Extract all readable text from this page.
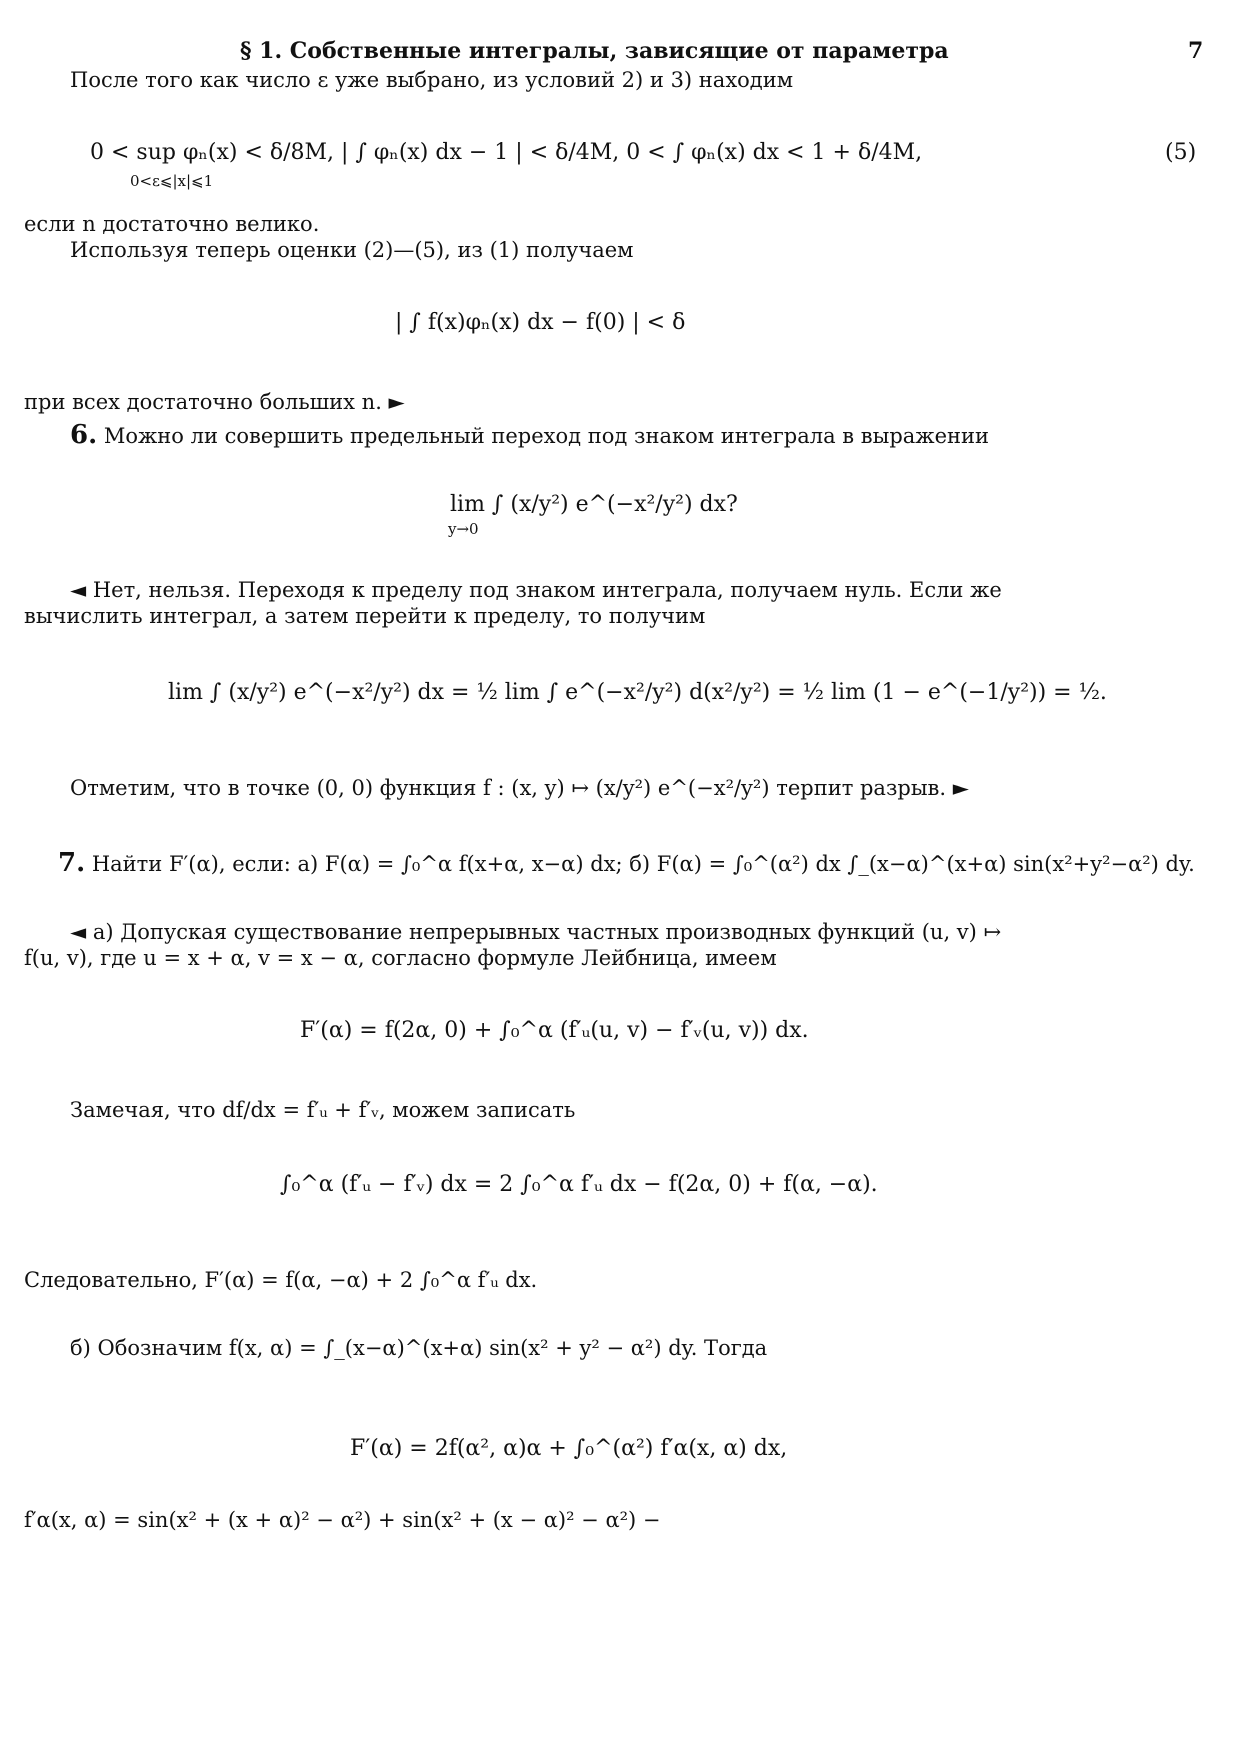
§ 1. Собственные интегралы, зависящие от параметра	7
После того как число ε уже выбрано, из условий 2) и 3) находим
0 < sup φₙ(x) < δ/8M, | ∫ φₙ(x) dx − 1 | < δ/4M, 0 < ∫ φₙ(x) dx < 1 + δ/4M,
0<ε⩽|x|⩽1
(5)
если n достаточно велико.
Используя теперь оценки (2)—(5), из (1) получаем
| ∫ f(x)φₙ(x) dx − f(0) | < δ
при всех достаточно больших n. ►
6. Можно ли совершить предельный переход под знаком интеграла в выражении
lim ∫ (x/y²) e^(−x²/y²) dx?
y→0
◄ Нет, нельзя. Переходя к пределу под знаком интеграла, получаем нуль. Если же
вычислить интеграл, а затем перейти к пределу, то получим
lim ∫ (x/y²) e^(−x²/y²) dx = ½ lim ∫ e^(−x²/y²) d(x²/y²) = ½ lim (1 − e^(−1/y²)) = ½.
Отметим, что в точке (0, 0) функция f : (x, y) ↦ (x/y²) e^(−x²/y²) терпит разрыв. ►
7. Найти F′(α), если: а) F(α) = ∫₀^α f(x+α, x−α) dx; б) F(α) = ∫₀^(α²) dx ∫_(x−α)^(x+α) sin(x²+y²−α²) dy.
◄ а) Допуская существование непрерывных частных производных функций (u, v) ↦
f(u, v), где u = x + α, v = x − α, согласно формуле Лейбница, имеем
F′(α) = f(2α, 0) + ∫₀^α (f′ᵤ(u, v) − f′ᵥ(u, v)) dx.
Замечая, что df/dx = f′ᵤ + f′ᵥ, можем записать
∫₀^α (f′ᵤ − f′ᵥ) dx = 2 ∫₀^α f′ᵤ dx − f(2α, 0) + f(α, −α).
Следовательно, F′(α) = f(α, −α) + 2 ∫₀^α f′ᵤ dx.
б) Обозначим f(x, α) = ∫_(x−α)^(x+α) sin(x² + y² − α²) dy. Тогда
F′(α) = 2f(α², α)α + ∫₀^(α²) f′α(x, α) dx,
f′α(x, α) = sin(x² + (x + α)² − α²) + sin(x² + (x − α)² − α²) −
